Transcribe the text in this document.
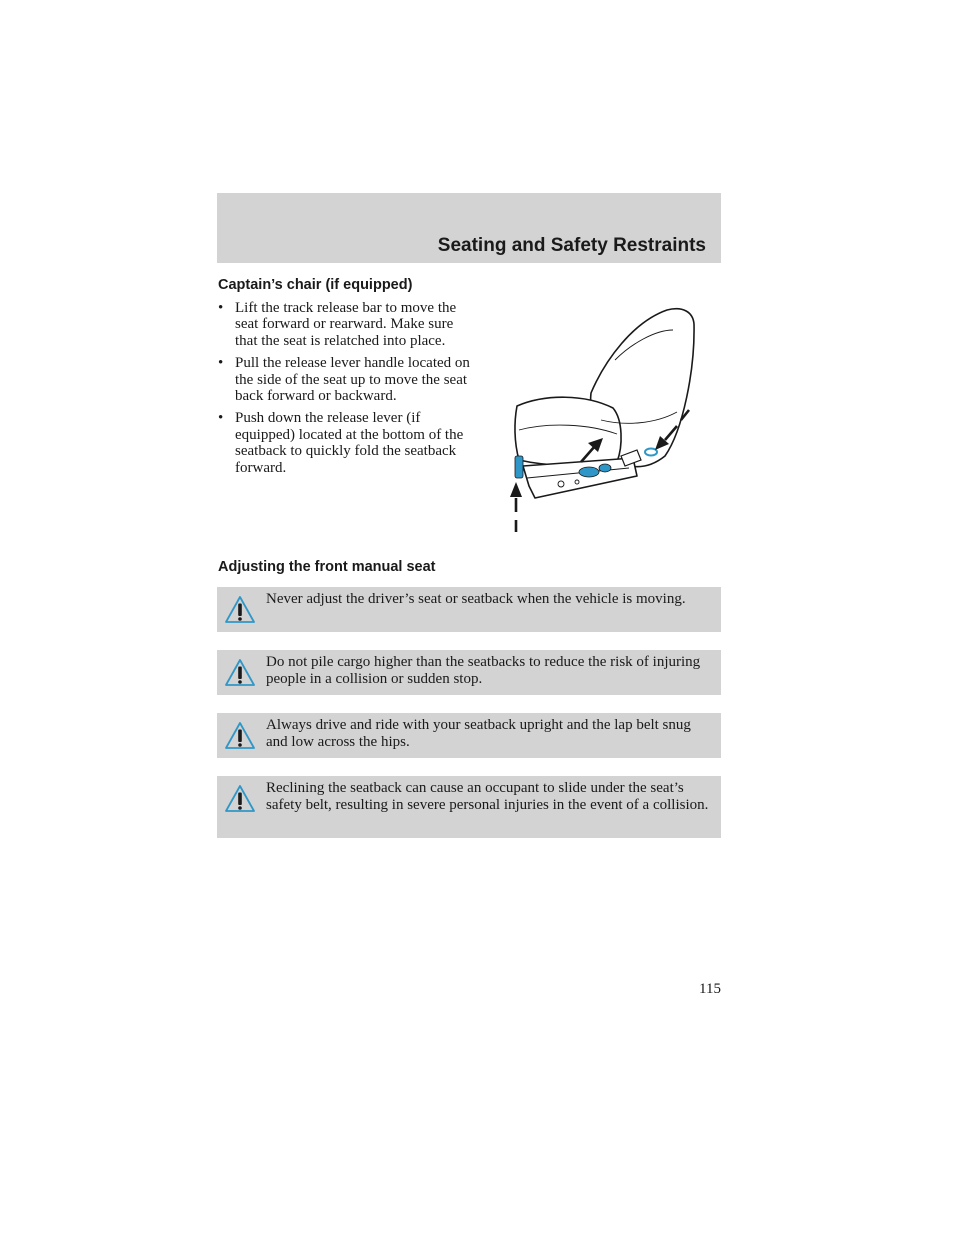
Seating and Safety Restraints
Captain’s chair (if equipped)
• Lift the track release bar to move the seat forward or rearward. Make sure that the seat is relatched into place.
• Pull the release lever handle located on the side of the seat up to move the seat back forward or backward.
• Push down the release lever (if equipped) located at the bottom of the seatback to quickly fold the seatback forward.
Adjusting the front manual seat
Never adjust the driver’s seat or seatback when the vehicle is moving.
Do not pile cargo higher than the seatbacks to reduce the risk of injuring people in a collision or sudden stop.
Always drive and ride with your seatback upright and the lap belt snug and low across the hips.
Reclining the seatback can cause an occupant to slide under the seat’s safety belt, resulting in severe personal injuries in the event of a collision.

115
